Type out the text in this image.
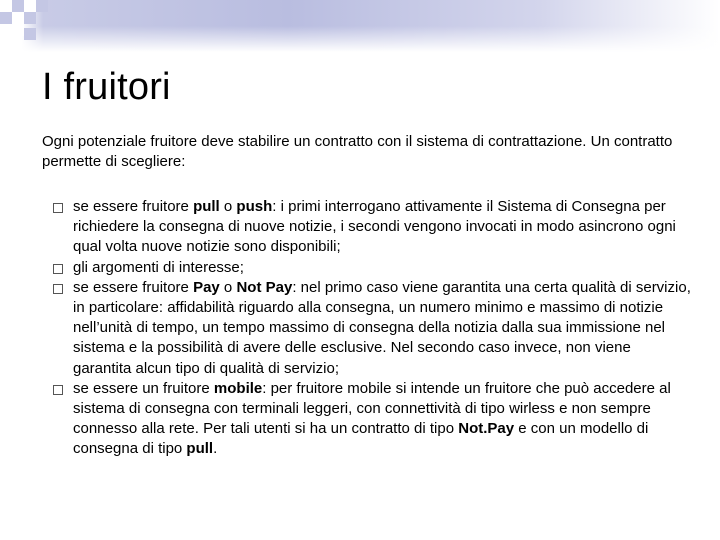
I fruitori

Ogni potenziale fruitore deve stabilire un contratto con il sistema di contrattazione. Un contratto permette di scegliere:

se essere fruitore pull o push: i primi interrogano attivamente il Sistema di Consegna per richiedere la consegna di nuove notizie, i secondi vengono invocati in modo asincrono ogni qual volta nuove notizie sono disponibili;
gli argomenti di interesse;
se essere fruitore Pay o Not Pay: nel primo caso viene garantita una certa qualità di servizio, in particolare: affidabilità riguardo alla consegna, un numero minimo e massimo di notizie nell’unità di tempo, un tempo massimo di consegna della notizia dalla sua immissione nel sistema e la possibilità di avere delle esclusive. Nel secondo caso invece, non viene garantita alcun tipo di qualità di servizio;
se essere un fruitore mobile: per fruitore mobile si intende un fruitore che può accedere al sistema di consegna con terminali leggeri, con connettività di tipo wirless e non sempre connesso alla rete. Per tali utenti si ha un contratto di tipo Not.Pay e con un modello di consegna di tipo pull.
